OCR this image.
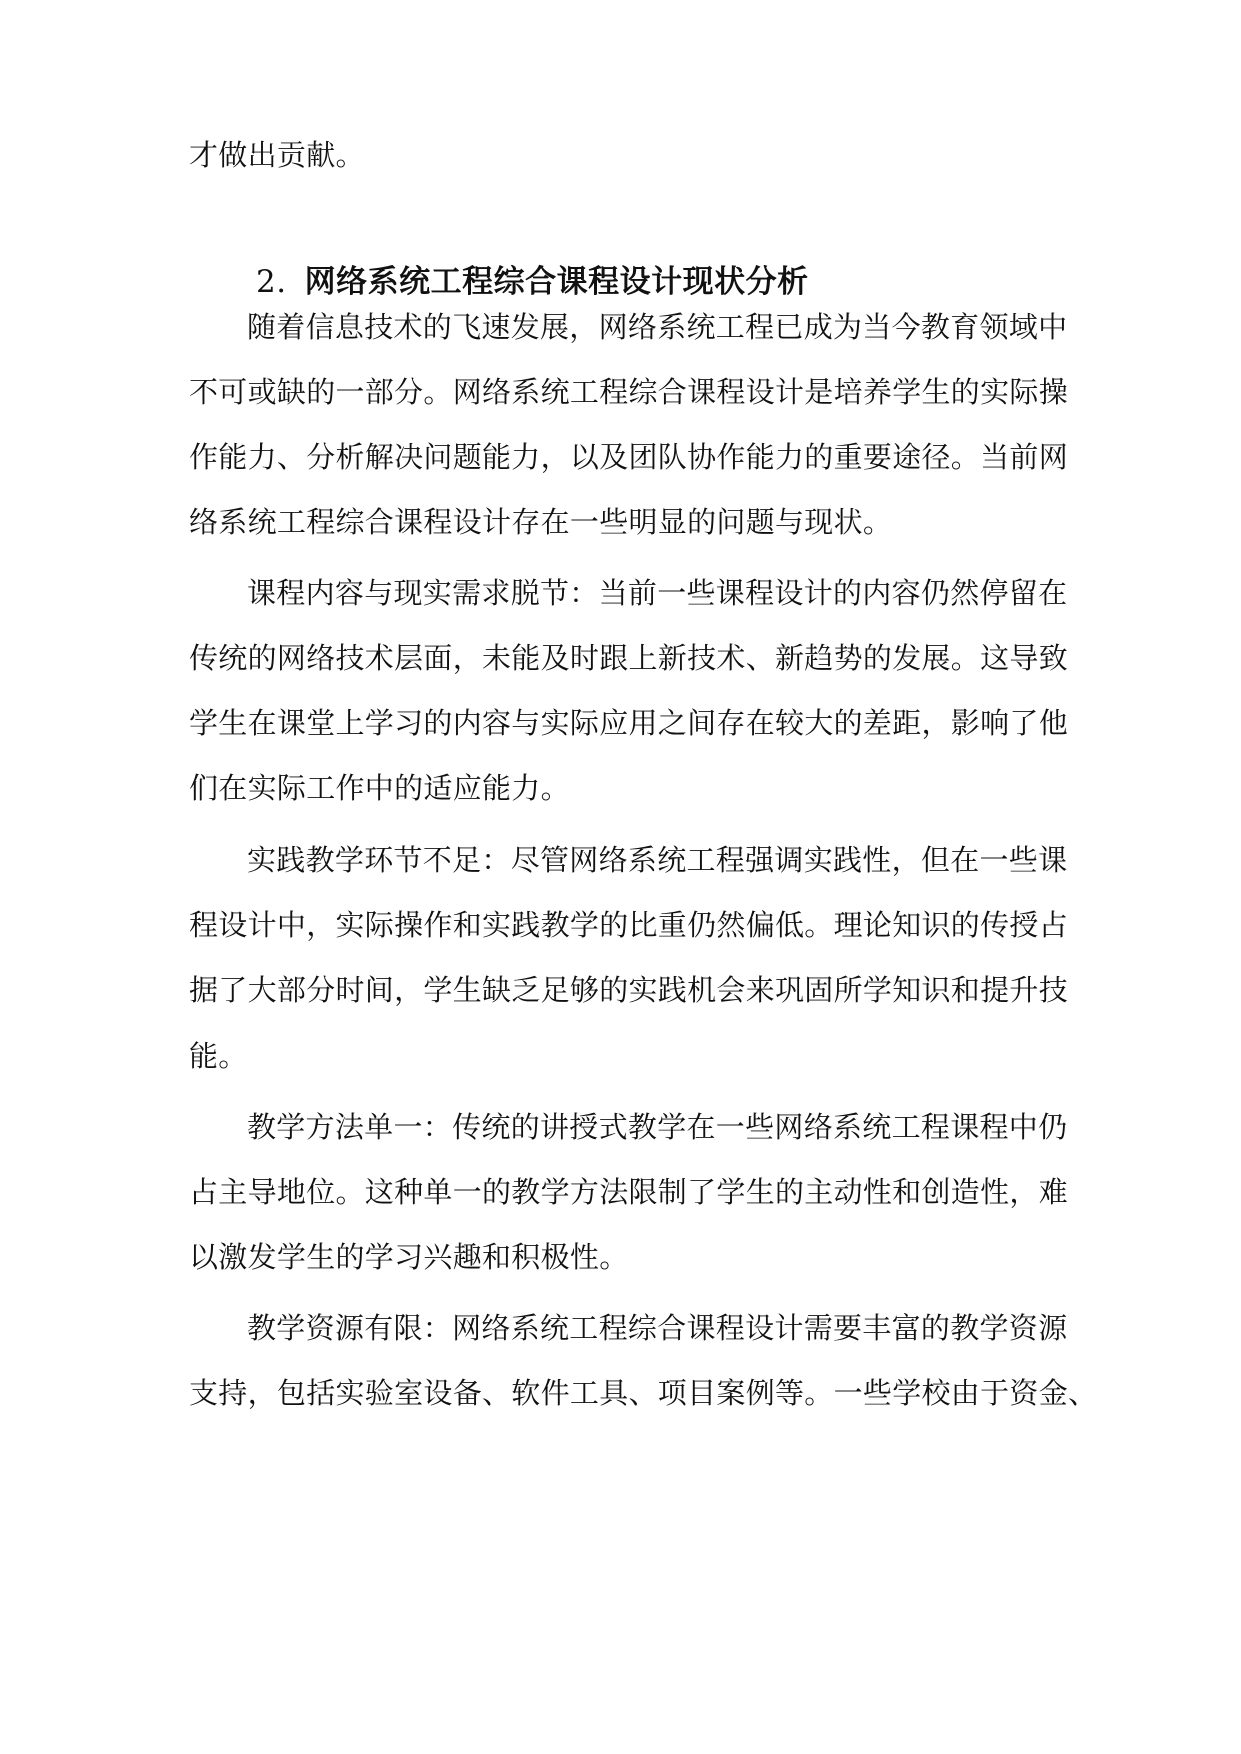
才做出贡献。
2. 网络系统工程综合课程设计现状分析
随着信息技术的飞速发展，网络系统工程已成为当今教育领域中
不可或缺的一部分。网络系统工程综合课程设计是培养学生的实际操
作能力、分析解决问题能力，以及团队协作能力的重要途径。当前网
络系统工程综合课程设计存在一些明显的问题与现状。
课程内容与现实需求脱节：当前一些课程设计的内容仍然停留在
传统的网络技术层面，未能及时跟上新技术、新趋势的发展。这导致
学生在课堂上学习的内容与实际应用之间存在较大的差距，影响了他
们在实际工作中的适应能力。
实践教学环节不足：尽管网络系统工程强调实践性，但在一些课
程设计中，实际操作和实践教学的比重仍然偏低。理论知识的传授占
据了大部分时间，学生缺乏足够的实践机会来巩固所学知识和提升技
能。
教学方法单一：传统的讲授式教学在一些网络系统工程课程中仍
占主导地位。这种单一的教学方法限制了学生的主动性和创造性，难
以激发学生的学习兴趣和积极性。
教学资源有限：网络系统工程综合课程设计需要丰富的教学资源
支持，包括实验室设备、软件工具、项目案例等。一些学校由于资金、
